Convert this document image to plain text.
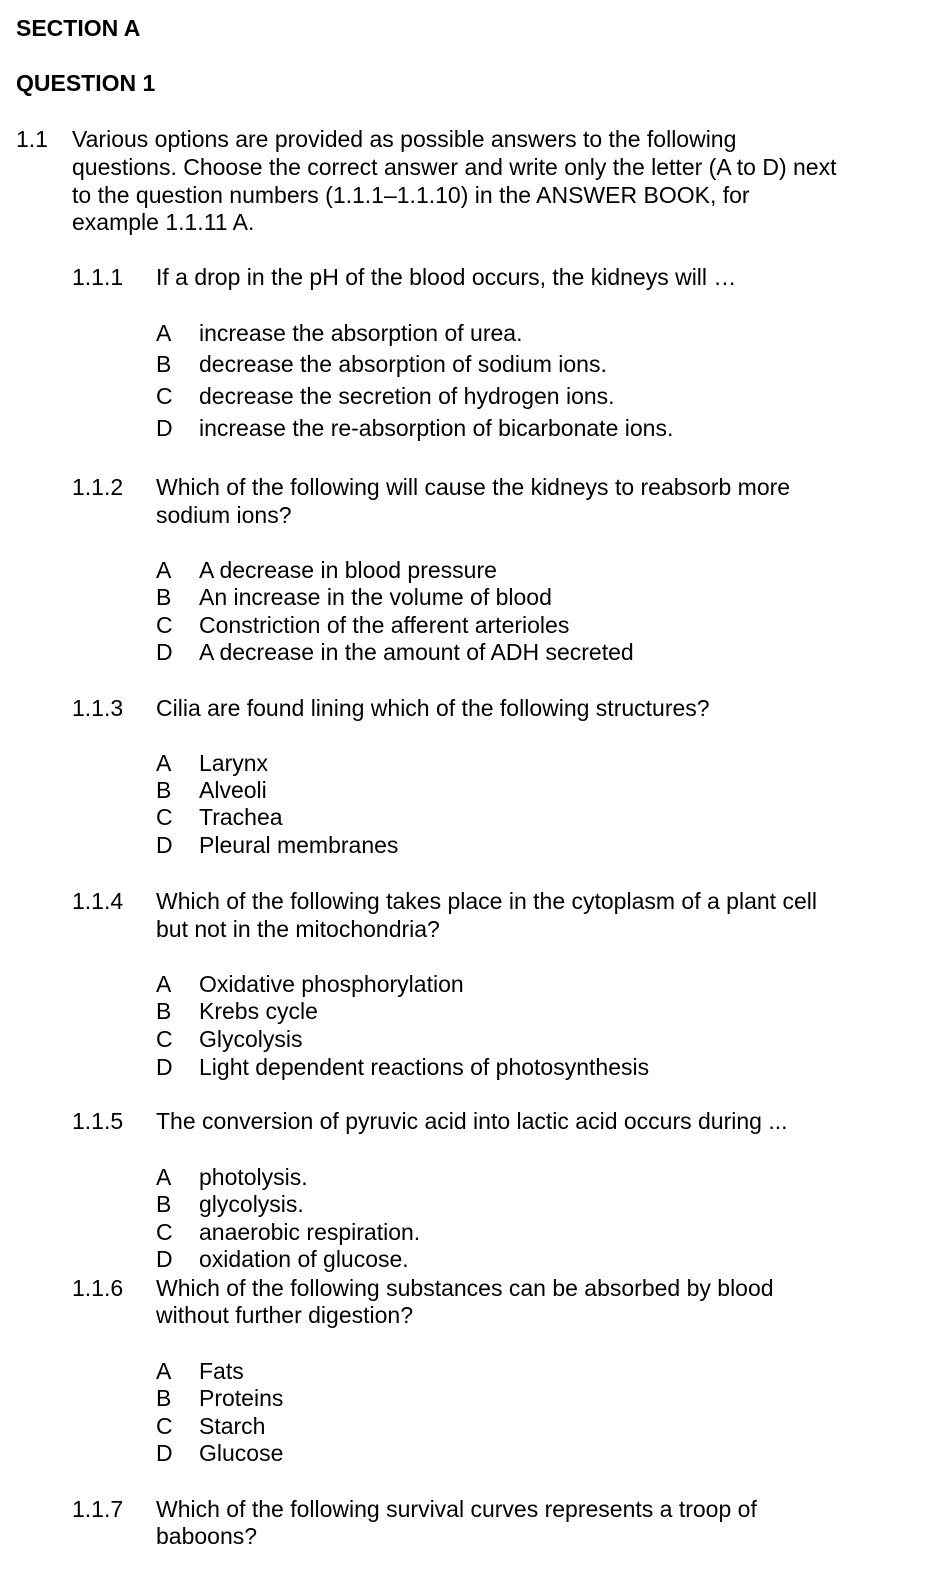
SECTION A
QUESTION 1
1.1 Various options are provided as possible answers to the following
questions. Choose the correct answer and write only the letter (A to D) next
to the question numbers (1.1.1–1.1.10) in the ANSWER BOOK, for
example 1.1.11 A.
1.1.1 If a drop in the pH of the blood occurs, the kidneys will …
A increase the absorption of urea.
B decrease the absorption of sodium ions.
C decrease the secretion of hydrogen ions.
D increase the re-absorption of bicarbonate ions.
1.1.2 Which of the following will cause the kidneys to reabsorb more
sodium ions?
A A decrease in blood pressure
B An increase in the volume of blood
C Constriction of the afferent arterioles
D A decrease in the amount of ADH secreted
1.1.3 Cilia are found lining which of the following structures?
A Larynx
B Alveoli
C Trachea
D Pleural membranes
1.1.4 Which of the following takes place in the cytoplasm of a plant cell
but not in the mitochondria?
A Oxidative phosphorylation
B Krebs cycle
C Glycolysis
D Light dependent reactions of photosynthesis
1.1.5 The conversion of pyruvic acid into lactic acid occurs during ...
A photolysis.
B glycolysis.
C anaerobic respiration.
D oxidation of glucose.
1.1.6 Which of the following substances can be absorbed by blood
without further digestion?
A Fats
B Proteins
C Starch
D Glucose
1.1.7 Which of the following survival curves represents a troop of
baboons?
